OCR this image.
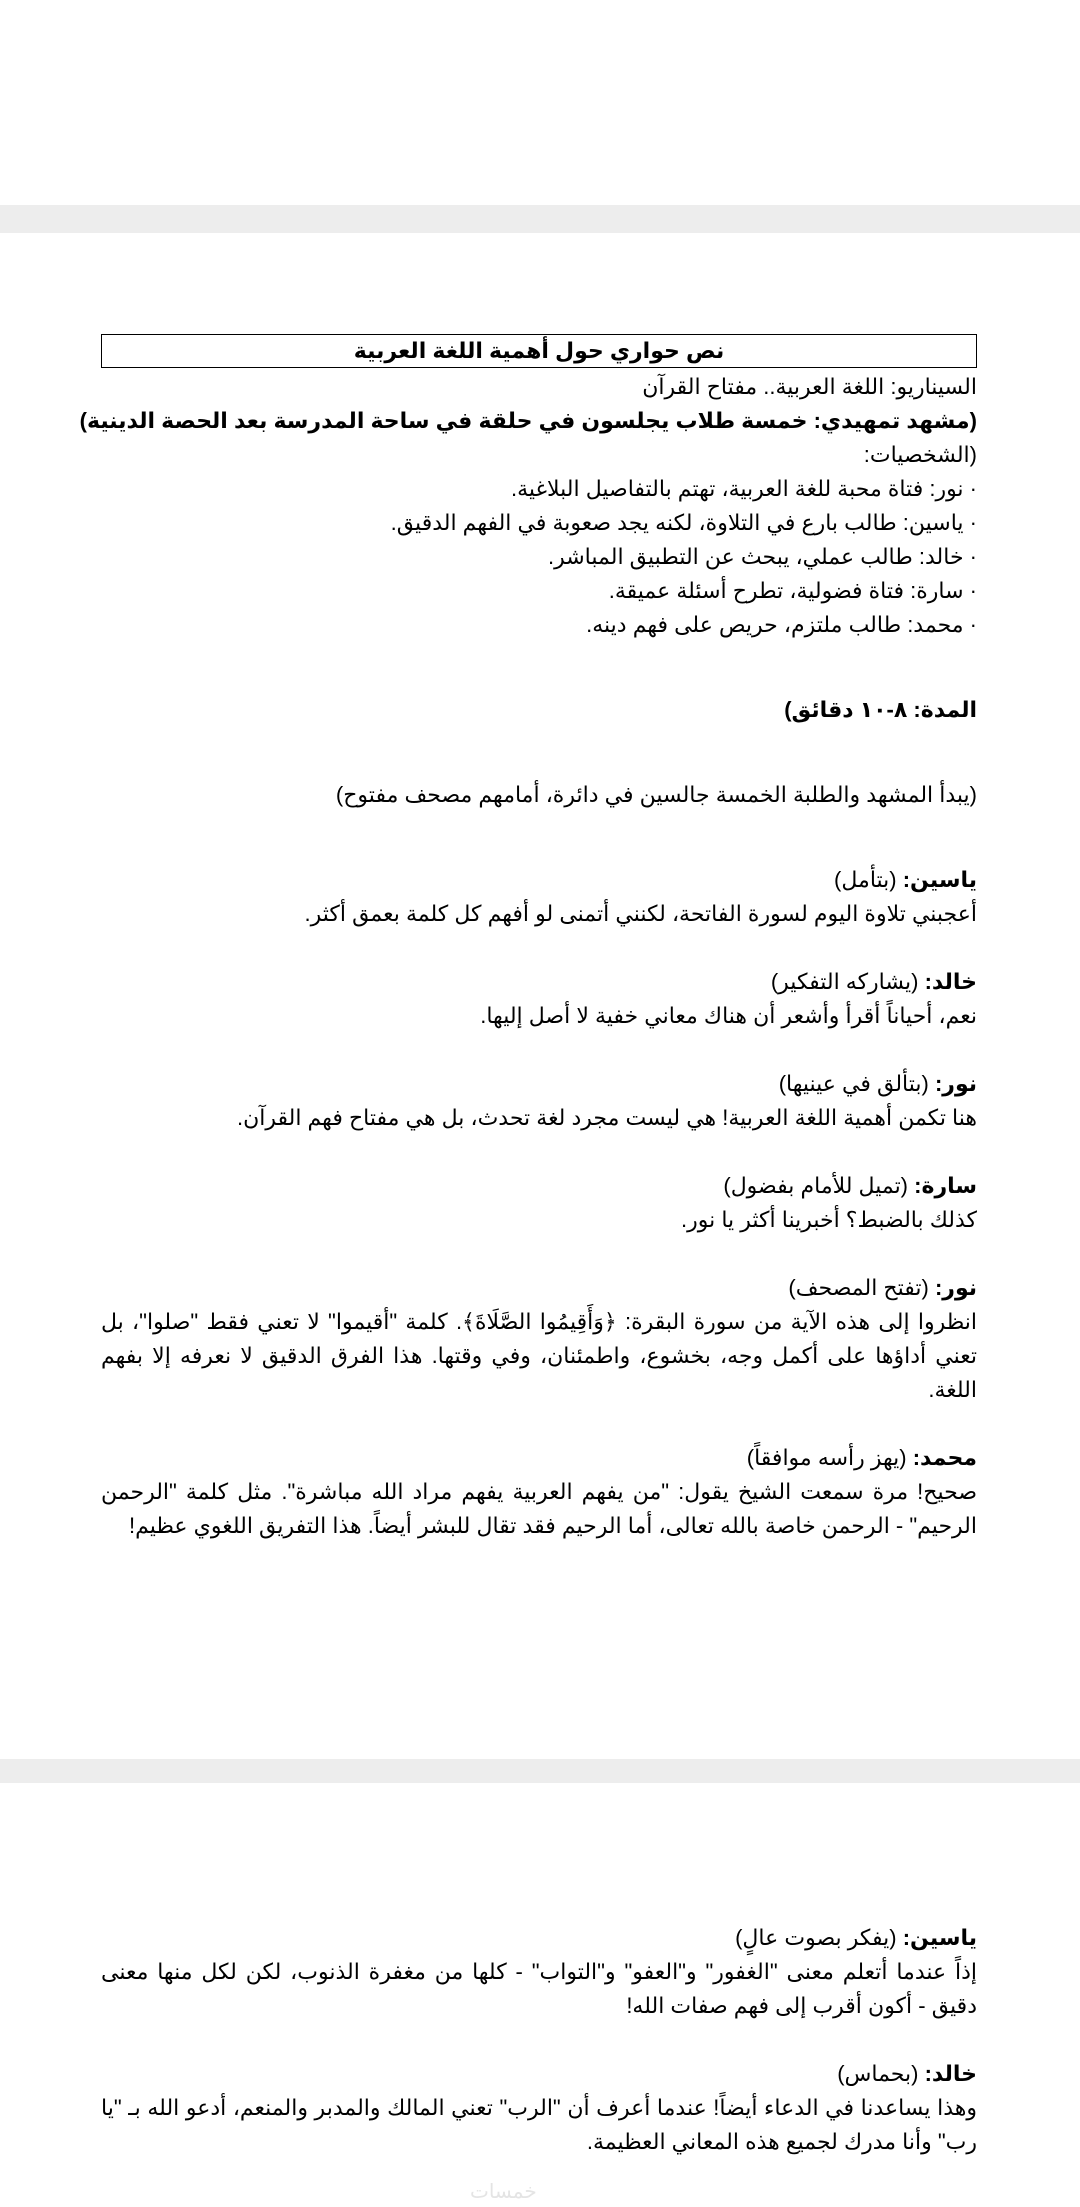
نص حواري حول أهمية اللغة العربية
السيناريو: اللغة العربية.. مفتاح القرآن
(مشهد تمهيدي: خمسة طلاب يجلسون في حلقة في ساحة المدرسة بعد الحصة الدينية)
(الشخصيات:
· نور: فتاة محبة للغة العربية، تهتم بالتفاصيل البلاغية.
· ياسين: طالب بارع في التلاوة، لكنه يجد صعوبة في الفهم الدقيق.
· خالد: طالب عملي، يبحث عن التطبيق المباشر.
· سارة: فتاة فضولية، تطرح أسئلة عميقة.
· محمد: طالب ملتزم، حريص على فهم دينه.
المدة: ٨-١٠ دقائق)
(يبدأ المشهد والطلبة الخمسة جالسين في دائرة، أمامهم مصحف مفتوح)
ياسين: (بتأمل)
أعجبني تلاوة اليوم لسورة الفاتحة، لكنني أتمنى لو أفهم كل كلمة بعمق أكثر.
خالد: (يشاركه التفكير)
نعم، أحياناً أقرأ وأشعر أن هناك معاني خفية لا أصل إليها.
نور: (بتألق في عينيها)
هنا تكمن أهمية اللغة العربية! هي ليست مجرد لغة تحدث، بل هي مفتاح فهم القرآن.
سارة: (تميل للأمام بفضول)
كذلك بالضبط؟ أخبرينا أكثر يا نور.
نور: (تفتح المصحف)
انظروا إلى هذه الآية من سورة البقرة: ﴿وَأَقِيمُوا الصَّلَاةَ﴾. كلمة "أقيموا" لا تعني فقط "صلوا"، بل تعني أداؤها على أكمل وجه، بخشوع، واطمئنان، وفي وقتها. هذا الفرق الدقيق لا نعرفه إلا بفهم اللغة.
محمد: (يهز رأسه موافقاً)
صحيح! مرة سمعت الشيخ يقول: "من يفهم العربية يفهم مراد الله مباشرة". مثل كلمة "الرحمن الرحيم" - الرحمن خاصة بالله تعالى، أما الرحيم فقد تقال للبشر أيضاً. هذا التفريق اللغوي عظيم!
ياسين: (يفكر بصوت عالٍ)
إذاً عندما أتعلم معنى "الغفور" و"العفو" و"التواب" - كلها من مغفرة الذنوب، لكن لكل منها معنى دقيق - أكون أقرب إلى فهم صفات الله!
خالد: (بحماس)
وهذا يساعدنا في الدعاء أيضاً! عندما أعرف أن "الرب" تعني المالك والمدبر والمنعم، أدعو الله بـ "يا رب" وأنا مدرك لجميع هذه المعاني العظيمة.
خمسات
